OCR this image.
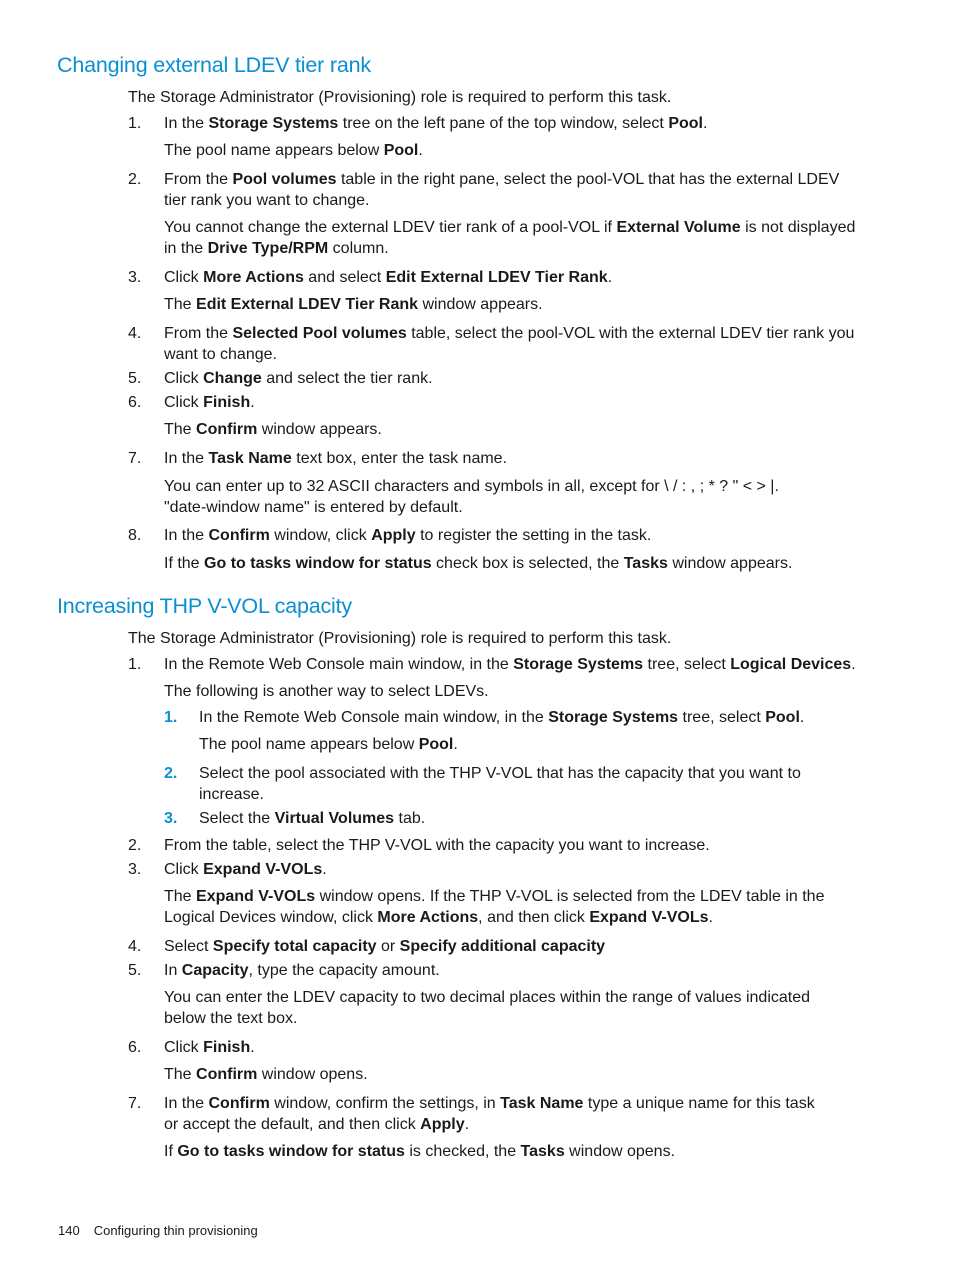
Changing external LDEV tier rank

The Storage Administrator (Provisioning) role is required to perform this task.

1. In the Storage Systems tree on the left pane of the top window, select Pool.

The pool name appears below Pool.

2. From the Pool volumes table in the right pane, select the pool-VOL that has the external LDEV

tier rank you want to change.

You cannot change the external LDEV tier rank of a pool-VOL if External Volume is not displayed

in the Drive Type/RPM column.

3. Click More Actions and select Edit External LDEV Tier Rank.

The Edit External LDEV Tier Rank window appears.

4. From the Selected Pool volumes table, select the pool-VOL with the external LDEV tier rank you

want to change.

5. Click Change and select the tier rank.

6. Click Finish.

The Confirm window appears.

7. In the Task Name text box, enter the task name.

You can enter up to 32 ASCII characters and symbols in all, except for \ / : , ; * ? " < > |.

"date-window name" is entered by default.

8. In the Confirm window, click Apply to register the setting in the task.

If the Go to tasks window for status check box is selected, the Tasks window appears.

Increasing THP V-VOL capacity

The Storage Administrator (Provisioning) role is required to perform this task.

1. In the Remote Web Console main window, in the Storage Systems tree, select Logical Devices.

The following is another way to select LDEVs.

1. In the Remote Web Console main window, in the Storage Systems tree, select Pool.

The pool name appears below Pool.

2. Select the pool associated with the THP V-VOL that has the capacity that you want to

increase.

3. Select the Virtual Volumes tab.

2. From the table, select the THP V-VOL with the capacity you want to increase.

3. Click Expand V-VOLs.

The Expand V-VOLs window opens. If the THP V-VOL is selected from the LDEV table in the

Logical Devices window, click More Actions, and then click Expand V-VOLs.

4. Select Specify total capacity or Specify additional capacity

5. In Capacity, type the capacity amount.

You can enter the LDEV capacity to two decimal places within the range of values indicated

below the text box.

6. Click Finish.

The Confirm window opens.

7. In the Confirm window, confirm the settings, in Task Name type a unique name for this task

or accept the default, and then click Apply.

If Go to tasks window for status is checked, the Tasks window opens.

140 Configuring thin provisioning
